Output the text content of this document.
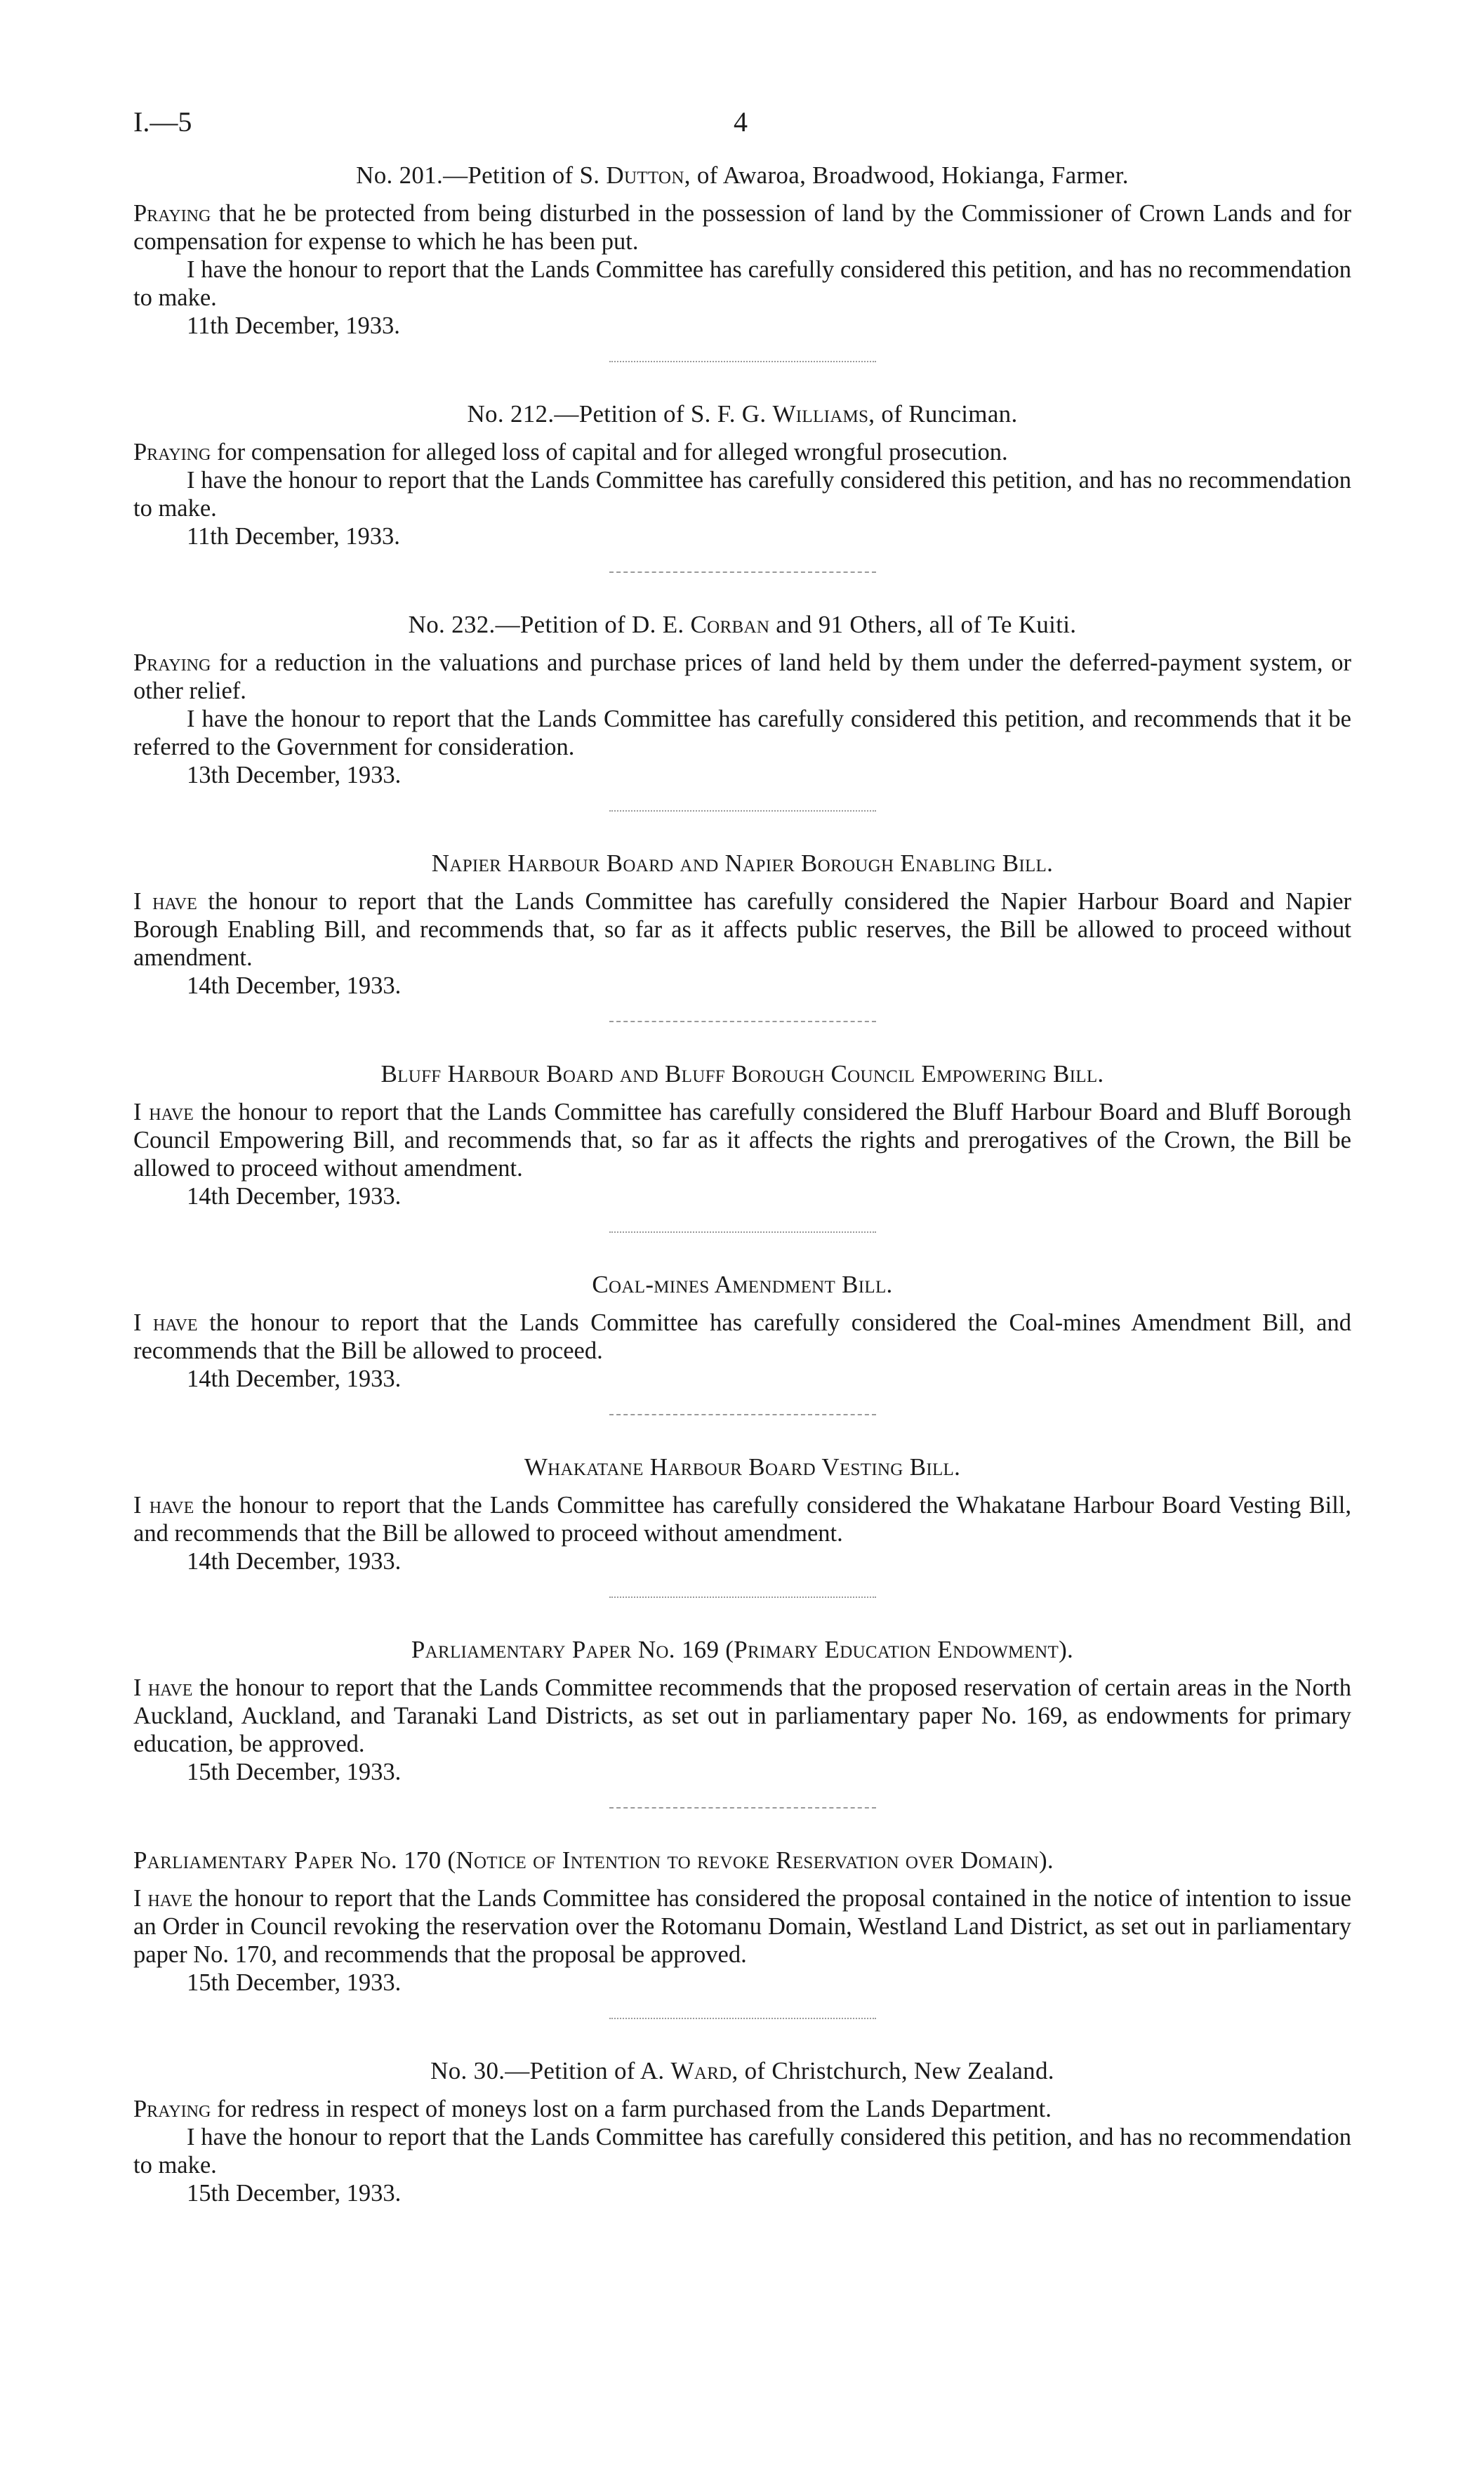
I.—5	4
No. 201.—Petition of S. Dutton, of Awaroa, Broadwood, Hokianga, Farmer.

Praying that he be protected from being disturbed in the possession of land by the Commissioner of Crown Lands and for compensation for expense to which he has been put.

I have the honour to report that the Lands Committee has carefully considered this petition, and has no recommendation to make.

11th December, 1933.

No. 212.—Petition of S. F. G. Williams, of Runciman.

Praying for compensation for alleged loss of capital and for alleged wrongful prosecution.

I have the honour to report that the Lands Committee has carefully considered this petition, and has no recommendation to make.

11th December, 1933.

No. 232.—Petition of D. E. Corban and 91 Others, all of Te Kuiti.

Praying for a reduction in the valuations and purchase prices of land held by them under the deferred-payment system, or other relief.

I have the honour to report that the Lands Committee has carefully considered this petition, and recommends that it be referred to the Government for consideration.

13th December, 1933.

Napier Harbour Board and Napier Borough Enabling Bill.

I have the honour to report that the Lands Committee has carefully considered the Napier Harbour Board and Napier Borough Enabling Bill, and recommends that, so far as it affects public reserves, the Bill be allowed to proceed without amendment.

14th December, 1933.

Bluff Harbour Board and Bluff Borough Council Empowering Bill.

I have the honour to report that the Lands Committee has carefully considered the Bluff Harbour Board and Bluff Borough Council Empowering Bill, and recommends that, so far as it affects the rights and prerogatives of the Crown, the Bill be allowed to proceed without amendment.

14th December, 1933.

Coal-mines Amendment Bill.

I have the honour to report that the Lands Committee has carefully considered the Coal-mines Amendment Bill, and recommends that the Bill be allowed to proceed.

14th December, 1933.

Whakatane Harbour Board Vesting Bill.

I have the honour to report that the Lands Committee has carefully considered the Whakatane Harbour Board Vesting Bill, and recommends that the Bill be allowed to proceed without amendment.

14th December, 1933.

Parliamentary Paper No. 169 (Primary Education Endowment).

I have the honour to report that the Lands Committee recommends that the proposed reservation of certain areas in the North Auckland, Auckland, and Taranaki Land Districts, as set out in parliamentary paper No. 169, as endowments for primary education, be approved.

15th December, 1933.

Parliamentary Paper No. 170 (Notice of Intention to revoke Reservation over Domain).

I have the honour to report that the Lands Committee has considered the proposal contained in the notice of intention to issue an Order in Council revoking the reservation over the Rotomanu Domain, Westland Land District, as set out in parliamentary paper No. 170, and recommends that the proposal be approved.

15th December, 1933.

No. 30.—Petition of A. Ward, of Christchurch, New Zealand.

Praying for redress in respect of moneys lost on a farm purchased from the Lands Department.

I have the honour to report that the Lands Committee has carefully considered this petition, and has no recommendation to make.

15th December, 1933.
